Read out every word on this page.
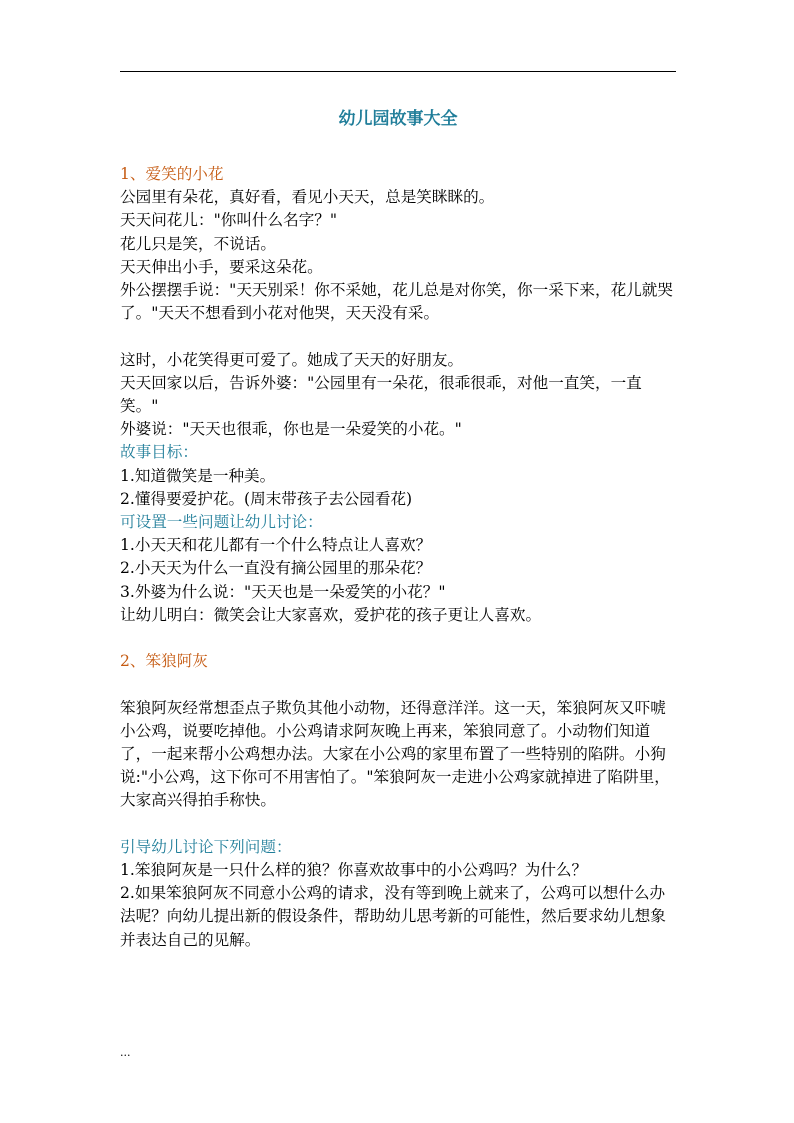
幼儿园故事大全

1、爱笑的小花

公园里有朵花，真好看，看见小天天，总是笑眯眯的。

天天问花儿："你叫什么名字？"

花儿只是笑，不说话。

天天伸出小手，要采这朵花。

外公摆摆手说："天天别采！你不采她，花儿总是对你笑，你一采下来，花儿就哭了。"天天不想看到小花对他哭，天天没有采。

这时，小花笑得更可爱了。她成了天天的好朋友。

天天回家以后，告诉外婆："公园里有一朵花，很乖很乖，对他一直笑，一直笑。"

外婆说："天天也很乖，你也是一朵爱笑的小花。"

故事目标：

1.知道微笑是一种美。

2.懂得要爱护花。(周末带孩子去公园看花)

可设置一些问题让幼儿讨论：

1.小天天和花儿都有一个什么特点让人喜欢？

2.小天天为什么一直没有摘公园里的那朵花？

3.外婆为什么说："天天也是一朵爱笑的小花？"

让幼儿明白：微笑会让大家喜欢，爱护花的孩子更让人喜欢。

2、笨狼阿灰

笨狼阿灰经常想歪点子欺负其他小动物，还得意洋洋。这一天，笨狼阿灰又吓唬小公鸡，说要吃掉他。小公鸡请求阿灰晚上再来，笨狼同意了。小动物们知道了，一起来帮小公鸡想办法。大家在小公鸡的家里布置了一些特别的陷阱。小狗说:"小公鸡，这下你可不用害怕了。"笨狼阿灰一走进小公鸡家就掉进了陷阱里，大家高兴得拍手称快。

引导幼儿讨论下列问题：

1.笨狼阿灰是一只什么样的狼？你喜欢故事中的小公鸡吗？为什么？

2.如果笨狼阿灰不同意小公鸡的请求，没有等到晚上就来了，公鸡可以想什么办法呢？向幼儿提出新的假设条件，帮助幼儿思考新的可能性，然后要求幼儿想象并表达自己的见解。

...
